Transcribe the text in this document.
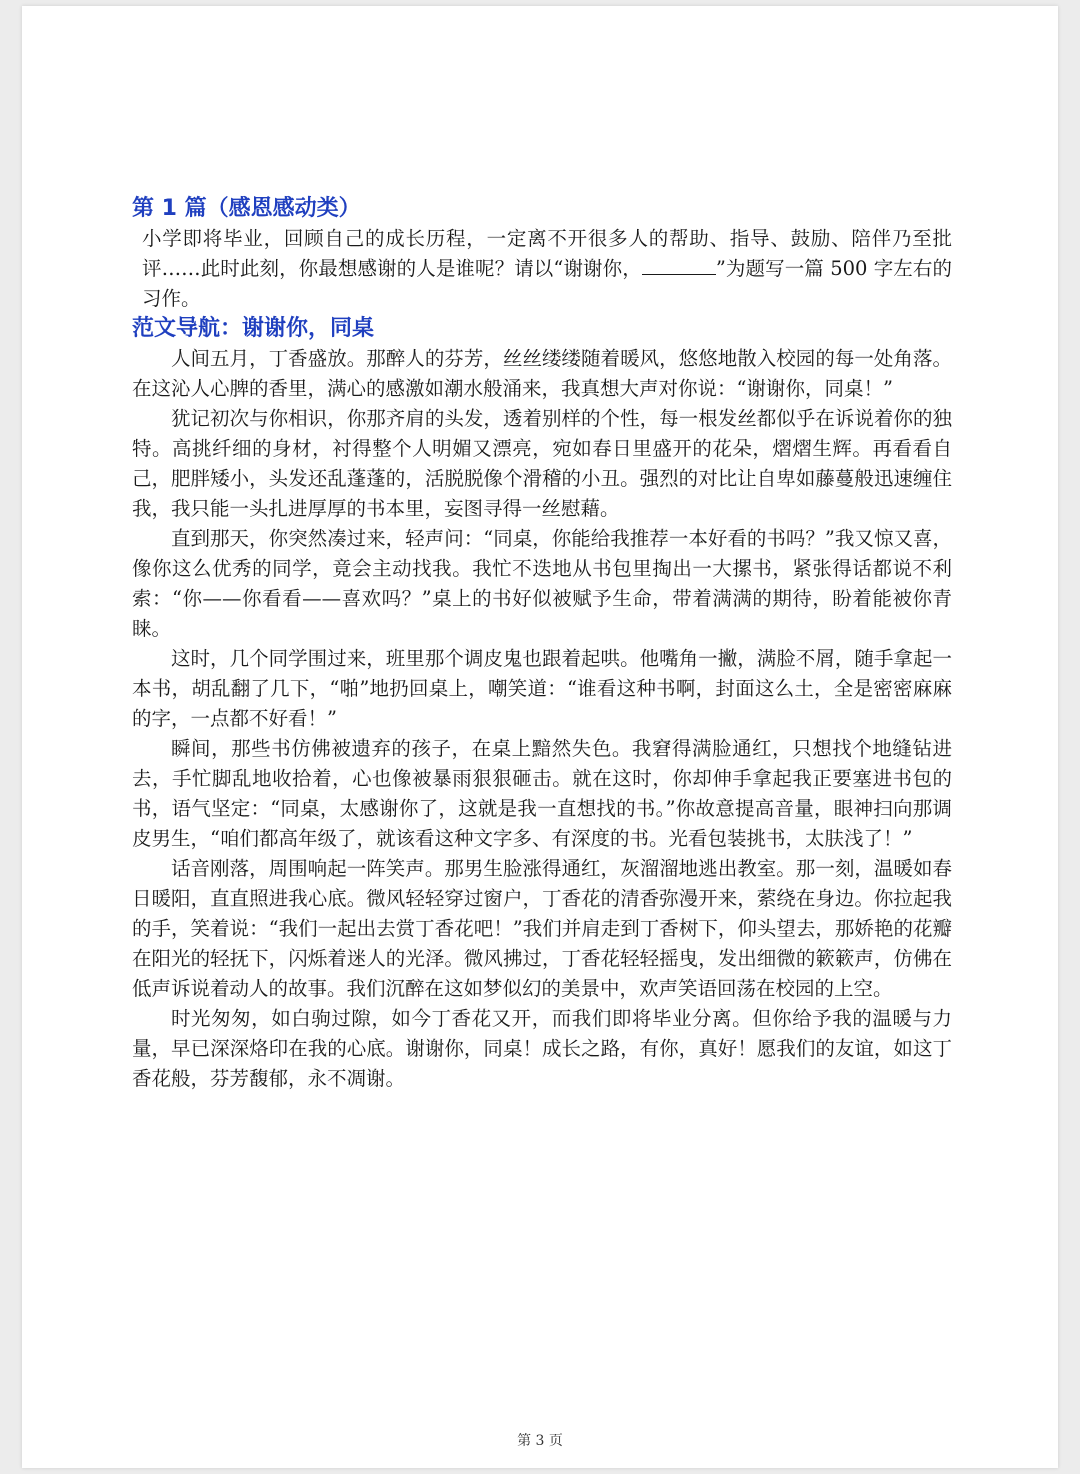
第 1 篇（感恩感动类）

小学即将毕业，回顾自己的成长历程，一定离不开很多人的帮助、指导、鼓励、陪伴乃至批评……此时此刻，你最想感谢的人是谁呢？请以“谢谢你，	”为题写一篇 500 字左右的习作。

范文导航：谢谢你，同桌

人间五月，丁香盛放。那醉人的芬芳，丝丝缕缕随着暖风，悠悠地散入校园的每一处角落。在这沁人心脾的香里，满心的感激如潮水般涌来，我真想大声对你说：“谢谢你，同桌！”

犹记初次与你相识，你那齐肩的头发，透着别样的个性，每一根发丝都似乎在诉说着你的独特。高挑纤细的身材，衬得整个人明媚又漂亮，宛如春日里盛开的花朵，熠熠生辉。再看看自己，肥胖矮小，头发还乱蓬蓬的，活脱脱像个滑稽的小丑。强烈的对比让自卑如藤蔓般迅速缠住我，我只能一头扎进厚厚的书本里，妄图寻得一丝慰藉。

直到那天，你突然凑过来，轻声问：“同桌，你能给我推荐一本好看的书吗？”我又惊又喜，像你这么优秀的同学，竟会主动找我。我忙不迭地从书包里掏出一大摞书，紧张得话都说不利索：“你——你看看——喜欢吗？”桌上的书好似被赋予生命，带着满满的期待，盼着能被你青睐。

这时，几个同学围过来，班里那个调皮鬼也跟着起哄。他嘴角一撇，满脸不屑，随手拿起一本书，胡乱翻了几下，“啪”地扔回桌上，嘲笑道：“谁看这种书啊，封面这么土，全是密密麻麻的字，一点都不好看！”

瞬间，那些书仿佛被遗弃的孩子，在桌上黯然失色。我窘得满脸通红，只想找个地缝钻进去，手忙脚乱地收拾着，心也像被暴雨狠狠砸击。就在这时，你却伸手拿起我正要塞进书包的书，语气坚定：“同桌，太感谢你了，这就是我一直想找的书。”你故意提高音量，眼神扫向那调皮男生，“咱们都高年级了，就该看这种文字多、有深度的书。光看包装挑书，太肤浅了！”

话音刚落，周围响起一阵笑声。那男生脸涨得通红，灰溜溜地逃出教室。那一刻，温暖如春日暖阳，直直照进我心底。微风轻轻穿过窗户，丁香花的清香弥漫开来，萦绕在身边。你拉起我的手，笑着说：“我们一起出去赏丁香花吧！”我们并肩走到丁香树下，仰头望去，那娇艳的花瓣在阳光的轻抚下，闪烁着迷人的光泽。微风拂过，丁香花轻轻摇曳，发出细微的簌簌声，仿佛在低声诉说着动人的故事。我们沉醉在这如梦似幻的美景中，欢声笑语回荡在校园的上空。

时光匆匆，如白驹过隙，如今丁香花又开，而我们即将毕业分离。但你给予我的温暖与力量，早已深深烙印在我的心底。谢谢你，同桌！成长之路，有你，真好！愿我们的友谊，如这丁香花般，芬芳馥郁，永不凋谢。

第 3 页
